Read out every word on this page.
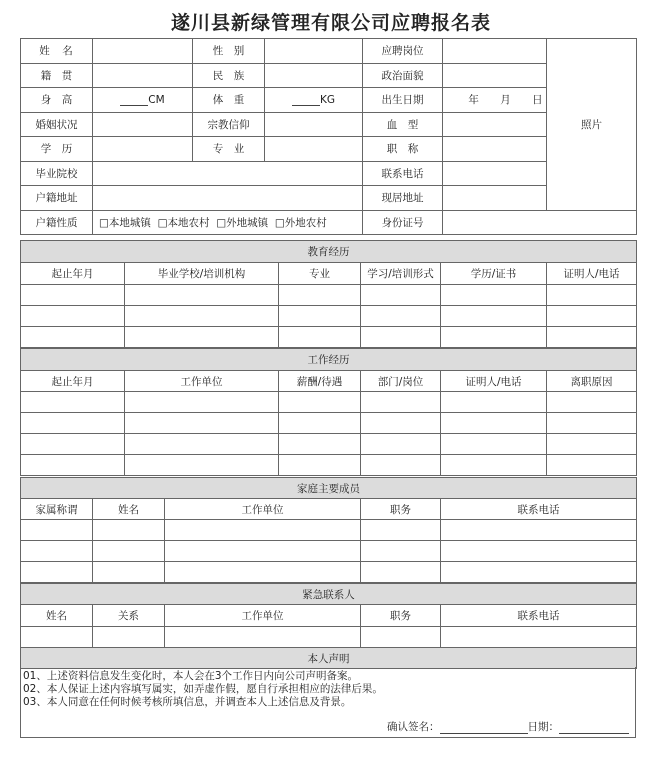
遂川县新绿管理有限公司应聘报名表
姓　名		性　别		应聘岗位		照片
籍　贯		民　族		政治面貌		
身　高	CM	体　重	KG	出生日期	年 月 日	
婚姻状况		宗教信仰		血　型		
学　历		专　业		职　称		
毕业院校				联系电话		
户籍地址				现居地址		
户籍性质	□本地城镇 □本地农村 □外地城镇 □外地农村			身份证号		
教育经历					
起止年月	毕业学校/培训机构	专业	学习/培训形式	学历/证书	证明人/电话

工作经历					
起止年月	工作单位	薪酬/待遇	部门/岗位	证明人/电话	离职原因

家庭主要成员				
家属称谓	姓名	工作单位	职务	联系电话

紧急联系人				
姓名	关系	工作单位	职务	联系电话

本人声明				
01、上述资料信息发生变化时，本人会在3个工作日内向公司声明备案。
02、本人保证上述内容填写属实，如弄虚作假，愿自行承担相应的法律后果。
03、本人同意在任何时候考核所填信息，并调查本人上述信息及背景。
确认签名：	日期：
